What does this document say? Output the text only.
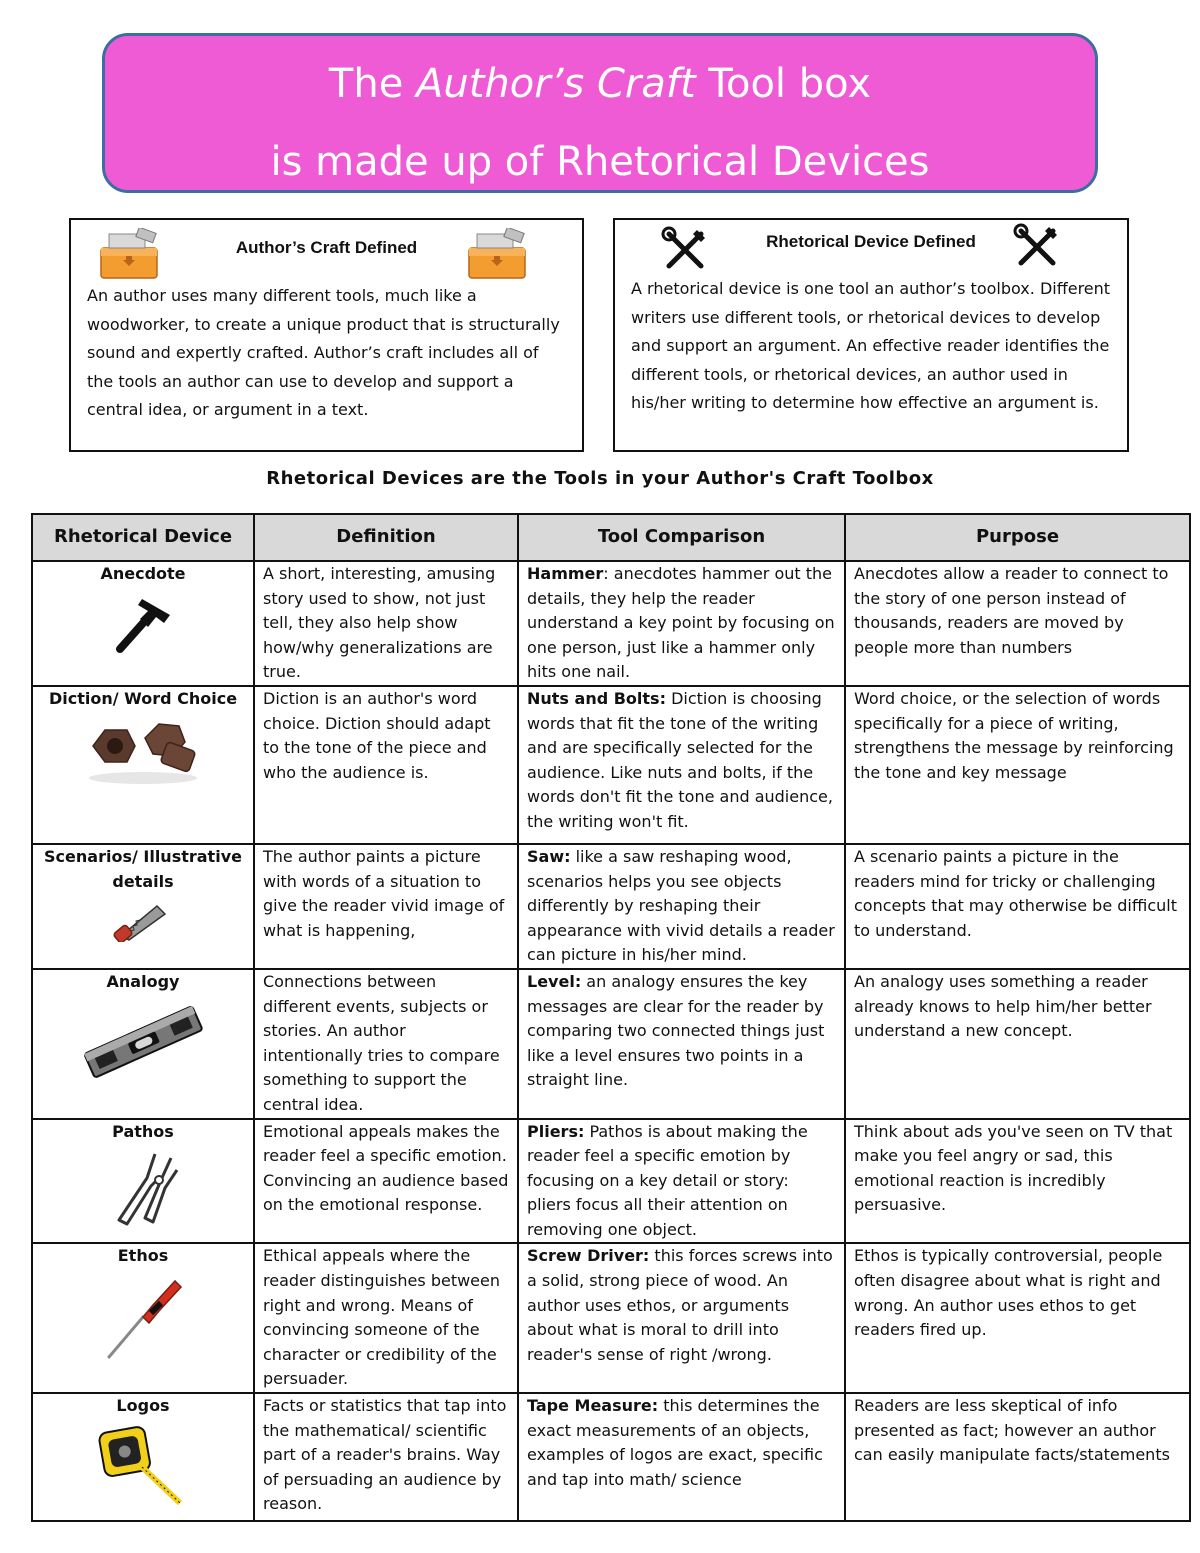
The Author’s Craft Tool box
is made up of Rhetorical Devices
Author’s Craft Defined
An author uses many different tools, much like a woodworker, to create a unique product that is structurally sound and expertly crafted. Author’s craft includes all of the tools an author can use to develop and support a central idea, or argument in a text.
Rhetorical Device Defined
A rhetorical device is one tool an author’s toolbox. Different writers use different tools, or rhetorical devices to develop and support an argument. An effective reader identifies the different tools, or rhetorical devices, an author used in his/her writing to determine how effective an argument is.
Rhetorical Devices are the Tools in your Author's Craft Toolbox
Rhetorical Device	Definition	Tool Comparison	Purpose

Anecdote	A short, interesting, amusing story used to show, not just tell, they also help show how/why generalizations are true.	Hammer: anecdotes hammer out the details, they help the reader understand a key point by focusing on one person, just like a hammer only hits one nail.	Anecdotes allow a reader to connect to the story of one person instead of thousands, readers are moved by people more than numbers

Diction/ Word Choice	Diction is an author's word choice. Diction should adapt to the tone of the piece and who the audience is.	Nuts and Bolts: Diction is choosing words that fit the tone of the writing and are specifically selected for the audience. Like nuts and bolts, if the words don't fit the tone and audience, the writing won't fit.	Word choice, or the selection of words specifically for a piece of writing, strengthens the message by reinforcing the tone and key message

Scenarios/ Illustrative details	The author paints a picture with words of a situation to give the reader vivid image of what is happening,	Saw: like a saw reshaping wood, scenarios helps you see objects differently by reshaping their appearance with vivid details a reader can picture in his/her mind.	A scenario paints a picture in the readers mind for tricky or challenging concepts that may otherwise be difficult to understand.

Analogy	Connections between different events, subjects or stories. An author intentionally tries to compare something to support the central idea.	Level: an analogy ensures the key messages are clear for the reader by comparing two connected things just like a level ensures two points in a straight line.	An analogy uses something a reader already knows to help him/her better understand a new concept.

Pathos	Emotional appeals makes the reader feel a specific emotion. Convincing an audience based on the emotional response.	Pliers: Pathos is about making the reader feel a specific emotion by focusing on a key detail or story: pliers focus all their attention on removing one object.	Think about ads you've seen on TV that make you feel angry or sad, this emotional reaction is incredibly persuasive.

Ethos	Ethical appeals where the reader distinguishes between right and wrong. Means of convincing someone of the character or credibility of the persuader.	Screw Driver: this forces screws into a solid, strong piece of wood. An author uses ethos, or arguments about what is moral to drill into reader's sense of right /wrong.	Ethos is typically controversial, people often disagree about what is right and wrong. An author uses ethos to get readers fired up.

Logos	Facts or statistics that tap into the mathematical/ scientific part of a reader's brains. Way of persuading an audience by reason.	Tape Measure: this determines the exact measurements of an objects, examples of logos are exact, specific and tap into math/ science	Readers are less skeptical of info presented as fact; however an author can easily manipulate facts/statements
